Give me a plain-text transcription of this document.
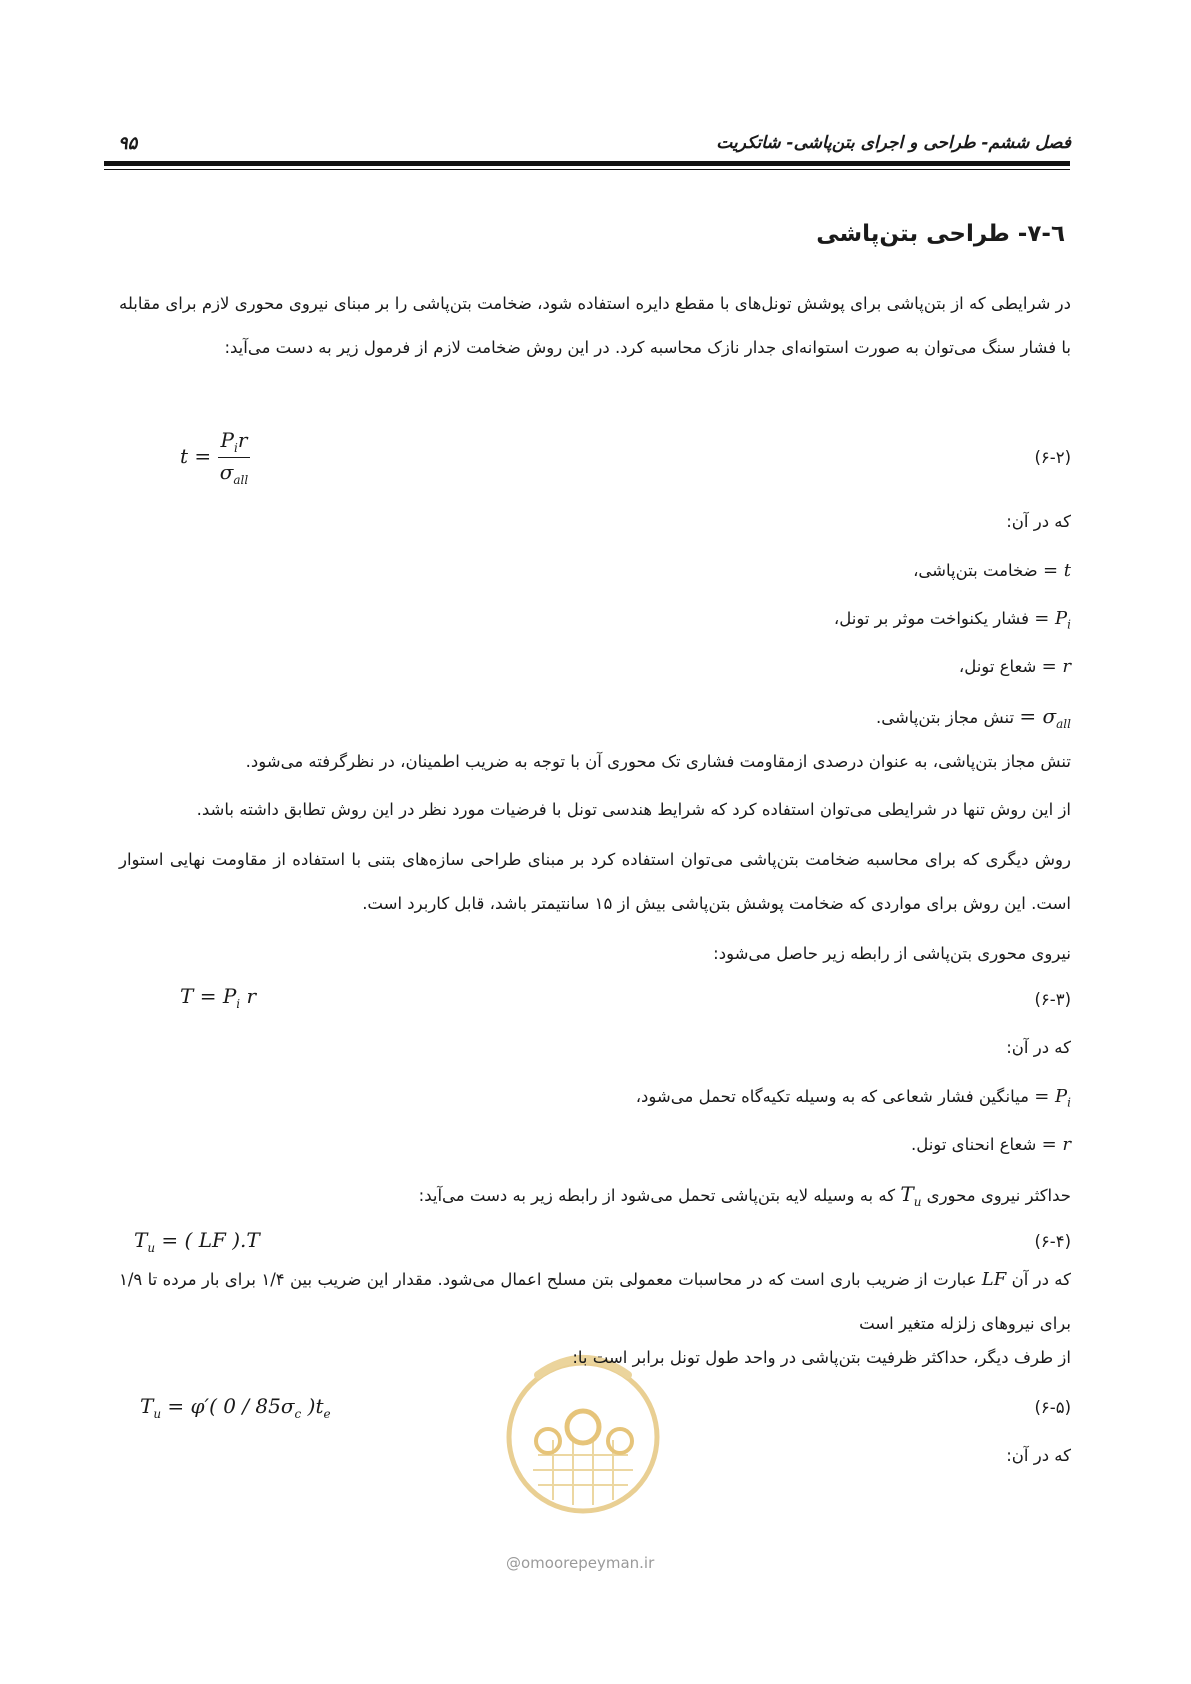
فصل ششم- طراحی و اجرای بتن‌پاشی- شاتکریت
۹۵
٦-٧- طراحی بتن‌پاشی
در شرایطی که از بتن‌پاشی برای پوشش تونل‌های با مقطع دایره استفاده شود، ضخامت بتن‌پاشی را بر مبنای نیروی محوری لازم برای مقابله با فشار سنگ می‌توان به صورت استوانه‌ای جدار نازک محاسبه کرد. در این روش ضخامت لازم از فرمول زیر به دست می‌آید:
$t = \frac{P_ir}{\sigma_{all}}$	(۶-۲)
که در آن:
t = ضخامت بتن‌پاشی،
$P_i$ = فشار یکنواخت موثر بر تونل،
r = شعاع تونل،
$\sigma_{all}$ = تنش مجاز بتن‌پاشی.
تنش مجاز بتن‌پاشی، به عنوان درصدی ازمقاومت فشاری تک محوری آن با توجه به ضریب اطمینان، در نظرگرفته می‌شود.
از این روش تنها در شرایطی می‌توان استفاده کرد که شرایط هندسی تونل با فرضیات مورد نظر در این روش تطابق داشته باشد.
روش دیگری که برای محاسبه ضخامت بتن‌پاشی می‌توان استفاده کرد بر مبنای طراحی سازه‌های بتنی با استفاده از مقاومت نهایی استوار است. این روش برای مواردی که ضخامت پوشش بتن‌پاشی بیش از ۱۵ سانتیمتر باشد، قابل کاربرد است.
نیروی محوری بتن‌پاشی از رابطه زیر حاصل می‌شود:
$T = P_i$ r	(۶-۳)
که در آن:
$P_i$ = میانگین فشار شعاعی که به وسیله تکیه‌گاه تحمل می‌شود،
r = شعاع انحنای تونل.
حداکثر نیروی محوری $T_u$ که به وسیله لایه بتن‌پاشی تحمل می‌شود از رابطه زیر به دست می‌آید:
$T_u$ = ( LF ).T	(۶-۴)
که در آن LF عبارت از ضریب باری است که در محاسبات معمولی بتن مسلح اعمال می‌شود. مقدار این ضریب بین ۱/۴ برای بار مرده تا ۱/۹ برای نیروهای زلزله متغیر است
از طرف دیگر، حداکثر ظرفیت بتن‌پاشی در واحد طول تونل برابر است با:
$T_u = \varphi'$( $0 / 85\sigma_c$ )$t_e$	(۶-۵)
که در آن:
@omoorepeyman.ir
